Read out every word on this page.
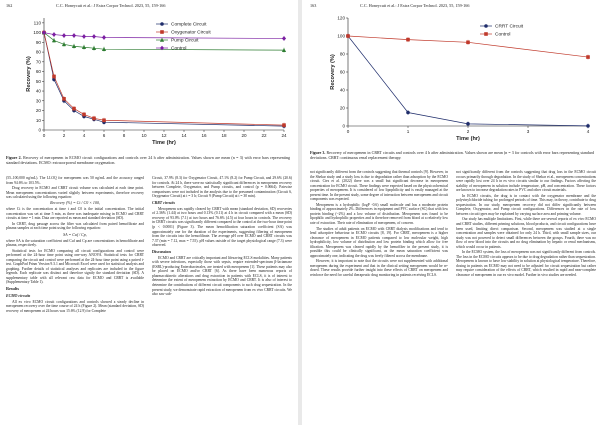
162	C.C. Honeycutt et al.: J Extra Corpor Technol. 2023, 55, 159-166
0
10
20
30
40
50
60
70
80
90
100
110
0	2	4	6	8	10	12	14	16	18	20	22	24
Time (hr)
Recovery (%)
Complete Circuit
Oxygenator Circuit
Pump Circuit
Control
Figure 2. Recovery of meropenem in ECMO circuit configurations and controls over 24 h after administration. Values shown are mean (n = 3) with error bars representing standard deviations. ECMO: extracorporeal membrane oxygenation.

(55–100,000 ng/mL). The LLOQ for meropenem was 50 ng/mL and the accuracy ranged from 94.6% to 103.5%.

Drug recovery in ECMO and CRRT circuit volume was calculated at each time point. Mean meropenem concentrations varied slightly between experiments, therefore recovery was calculated using the following equation:

Recovery (%) = Ct / C0 × 100,

where Ct is the concentration at time t and C0 is the initial concentration. The initial concentration was set at time 5 min, as there was inadequate mixing in ECMO and CRRT circuits at time = 1 min. Data are reported as mean and standard deviation (SD).

In CRRT, drug passage across the filter was calculated from paired hemofiltrate and plasma samples at each time point using the following equation:

SA = Cuf / Cp,

where SA is the saturation coefficient and Cuf and Cp are concentrations in hemofiltrate and plasma, respectively.

Statistical tests for ECMO comparing all circuit configurations and control were performed at the 24-hour time point using one-way ANOVA. Statistical tests for CRRT comparing the circuit and control were performed at the 24-hour time point using a paired t-test. GraphPad Prism Version 9.3.1 and Microsoft Excel were used for statistical analysis and graphing. Further details of statistical analyses and replicates are included in the figure legends. Each replicate was distinct and therefore signify the standard deviation (SD). A supplementary table with all relevant raw data for ECMO and CRRT is available (Supplementary Table 1).

Results
ECMO circuits

All ex vivo ECMO circuit configurations and controls showed a steady decline in meropenem recovery over the time course of 24 h (Figure 2). Mean (standard deviation, SD) recovery of meropenem at 24 hours was 15.6% (12.9) for Complete

Circuit, 37.9% (8.3) for Oxygenator Circuit, 47.1% (8.2) for Pump Circuit, and 29.6% (20.6) for controls. At 24 h, there were no statistically significant differences in meropenem recovery between Complete, Oxygenator, and Pump circuits, and control (p = 0.0664). Pairwise comparisons were not included in the analysis due to the presumed contamination (Circuit 6, Oxygenator Circuit) at t = 3 h; Circuit 9 (Pump Circuit) at t = 30 min).

CRRT circuits

Meropenem was rapidly cleared by CRRT with mean (standard deviation, SD) recoveries of 2.36% (1.44) at two hours and 0.13% (0.11) at 4 h in circuit compared with a mean (SD) recovery of 93.0% (7.1) at two hours and 76.6% (4.5) at four hours in controls. The recovery in CRRT circuits was significantly different compared to the control at the two-hour time point (p < 0.0001) (Figure 3). The mean hemofiltration saturation coefficient (SA) was approximately one for the duration of the experiments, suggesting filtering of meropenem from the circuits into the hemofiltrate. The average pH over ECMO and CRRT circuits was 7.37 (min = 7.12, max = 7.55). pH values outside of the target physiological range (7.3) were observed.

Discussion

ECMO and CRRT are critically important and lifesaving ECLS modalities. Many patients with severe infections, especially those with sepsis, require extended-spectrum β-lactamase (ESBL)-producing Enterobacterales, are treated with meropenem [1]. These patients may also be placed on ECMO and/or CRRT [6]. As there have been numerous reports of pharmacokinetic alterations and drug extraction in patients with ECLS, it is of interest to determine the extent of meropenem extraction by ECMO and CRRT. It is also of interest to determine the contributions of different circuit components to such drug sequestration. In the present study, we demonstrate rapid extraction of meropenem from ex vivo CRRT circuits. We also saw sub-

163	C.C. Honeycutt et al.: J Extra Corpor Technol. 2023, 55, 159-166
0
20
40
60
80
100
120
0	1	2	3	4
Time (hr)
Recovery (%)
CRRT Circuit
Control
Figure 3. Recovery of meropenem in CRRT circuits and controls over 4 h after administration. Values shown are mean (n = 3 for controls with error bars representing standard deviations. CRRT: continuous renal replacement therapy.

not significantly different from the controls suggesting that thermal controls [9]. However, in the Shekar study and a study loss is due to degradation rather than adsorption by the ECMO circuit. Cies et al. (2022) there was a small but significant decrease in meropenem concentration for ECMO circuit. These findings were expected based on the physicochemical properties of meropenem. It is considered of low lipophilicity and is easily managed at the present time. In the present study, some degree of interaction between meropenem and circuit components was expected.

Meropenem is a hydrophilic (logP -0.6) small molecule and has a moderate protein binding of approximately 2%. Differences in equipment and PVC surface (SC) that with low protein binding (~2%) and a low volume of distribution. Meropenem was found to be lipophilic and hydrophilic properties and is therefore removed from blood at a relatively low rate of extraction. Their rate of elimination of meropenem, of concern.

The studies of adult patients on ECMO with CRRT dialysis modifications and tend to lend adsorptive behaviour in ECMO circuits [8, 19]. For CRRT, meropenem is a higher clearance of meropenem in ECMO patients compared to low molecular weight, high hydrophilicity, low volume of distribution and low protein binding which allow for free filtration. Meropenem was cleared rapidly by the hemofilter in the present study, it is possible this could be clinically significant, as the mean saturation coefficient was approximately one, indicating the drug was freely filtered across the membrane.

However, it is important to note that the circuits were not supplemented with additional meropenem during the experiment and that in the clinical setting meropenem would be re-dosed. These results provide further insight into these effects of CRRT on meropenem and reinforce the need for careful therapeutic drug monitoring in patients receiving ECLS.

not significantly different from the controls suggesting that drug loss in the ECMO circuit occurs primarily through degradation. In the study of Shekar et al., meropenem concentrations were rapidly lost over 24 h in ex vivo circuits similar to our findings. Factors affecting the stability of meropenem in solution include temperature, pH, and concentration. These factors are known to increase degradation rates in PVC and other circuit materials.

In ECMO circuits, the drug is in contact with the oxygenator membrane and the polyvinylchloride tubing for prolonged periods of time. This may, in theory, contribute to drug sequestration. In our study, meropenem recovery did not differ significantly between Complete, Oxygenator, and Pump circuit configurations. Differences in the rate of loss between circuit types may be explained by varying surface area and priming volume.

Our study has multiple limitations. First, while there are several reports of ex vivo ECMO and CRRT studies, different priming solutions, blood products, and circuit configurations have been used, limiting direct comparison. Second, meropenem was studied at a single concentration and samples were obtained for only 24 h. Third, with small sample sizes, our study was not powered to detect small differences between the groups. Fourth, there was no flow of new blood into the circuits and no drug elimination by hepatic or renal mechanisms, which would occur in patients.

In the ECMO system, the loss of meropenem was not significantly different from controls. The loss in the ECMO circuits appears to be due to drug degradation rather than sequestration. Meropenem is known to have low stability in solution at physiological temperature. Therefore, dosing in patients on ECMO may not need to be adjusted for circuit sequestration but rather may require consideration of the effects of CRRT, which resulted in rapid and near-complete clearance of meropenem in our ex vivo model. Further in vivo studies are needed.
